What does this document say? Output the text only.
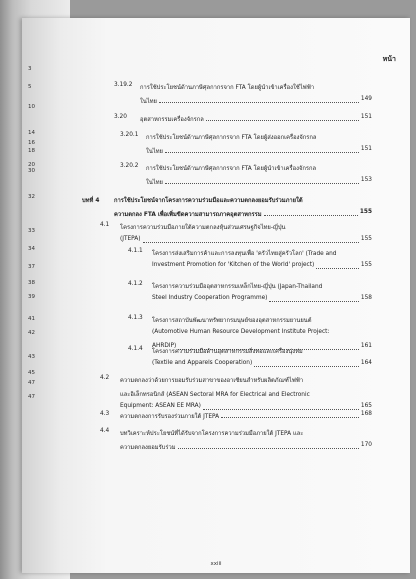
หน้า
3
5
10
14
16
18
20
30
32
33
34
37
38
39
41
42
43
45
47
47
3.19.2 การใช้ประโยชน์ด้านภาษีศุลกากรจาก FTA โดยผู้นำเข้าเครื่องใช้ไฟฟ้า
ในไทย	149
3.20 อุตสาหกรรมเครื่องจักรกล	151
3.20.1 การใช้ประโยชน์ด้านภาษีศุลกากรจาก FTA โดยผู้ส่งออกเครื่องจักรกล
ในไทย	151
3.20.2 การใช้ประโยชน์ด้านภาษีศุลกากรจาก FTA โดยผู้นำเข้าเครื่องจักรกล
ในไทย	153
บทที่ 4	การใช้ประโยชน์จากโครงการความร่วมมือและความตกลงยอมรับร่วมภายใต้
ความตกลง FTA เพื่อเพิ่มขีดความสามารถภาคอุตสาหกรรม	155
4.1 โครงการความร่วมมือภายใต้ความตกลงหุ้นส่วนเศรษฐกิจไทย-ญี่ปุ่น
(JTEPA)	155
4.1.1 โครงการส่งเสริมการค้าและการลงทุนเพื่อ 'ครัวไทยสู่ครัวโลก' (Trade and
Investment Promotion for 'Kitchen of the World' project)	155
4.1.2 โครงการความร่วมมืออุตสาหกรรมเหล็กไทย-ญี่ปุ่น (Japan-Thailand
Steel Industry Cooperation Programme)	158
4.1.3 โครงการสถาบันพัฒนาทรัพยากรมนุษย์ของอุตสาหกรรมยานยนต์
(Automotive Human Resource Development Institute Project:
AHRDIP)	161
4.1.4 โครงการความร่วมมือด้านอุตสาหกรรมสิ่งทอและเครื่องนุ่งห่ม
(Textile and Apparels Cooperation)	164
4.2 ความตกลงว่าด้วยการยอมรับร่วมสาขาของอาเซียนสำหรับผลิตภัณฑ์ไฟฟ้า
และอิเล็กทรอนิกส์ (ASEAN Sectoral MRA for Electrical and Electronic
Equipment: ASEAN EE MRA)	165
4.3 ความตกลงการรับรองร่วมภายใต้ JTEPA	168
4.4 บทวิเคราะห์ประโยชน์ที่ได้รับจากโครงการความร่วมมือภายใต้ JTEPA และ
ความตกลงยอมรับร่วม	170
xxiii
